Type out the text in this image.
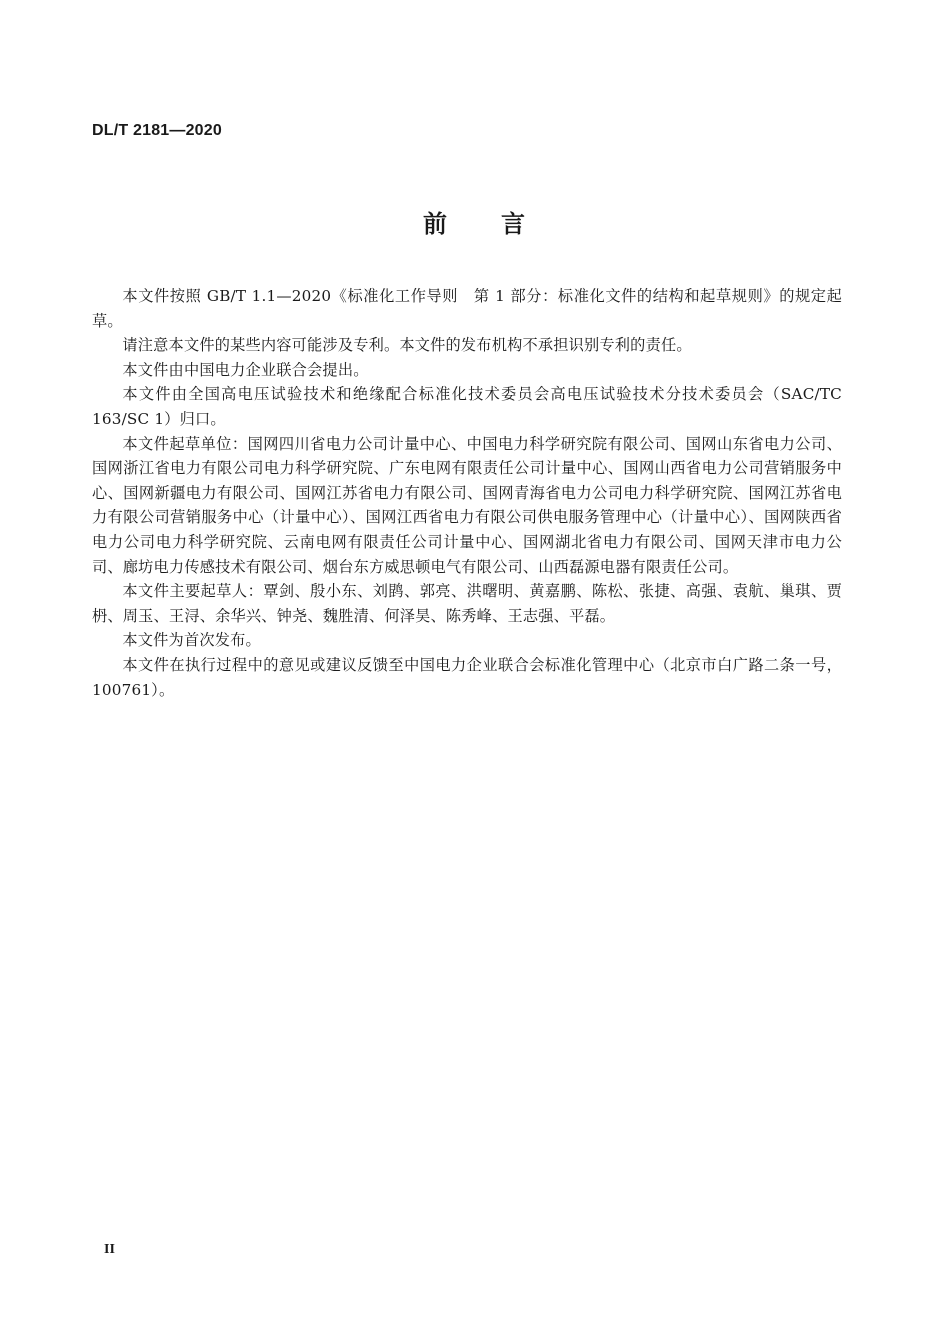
DL/T 2181—2020
前 言

本文件按照 GB/T 1.1—2020《标准化工作导则　第 1 部分：标准化文件的结构和起草规则》的规定起草。

请注意本文件的某些内容可能涉及专利。本文件的发布机构不承担识别专利的责任。

本文件由中国电力企业联合会提出。

本文件由全国高电压试验技术和绝缘配合标准化技术委员会高电压试验技术分技术委员会（SAC/TC 163/SC 1）归口。

本文件起草单位：国网四川省电力公司计量中心、中国电力科学研究院有限公司、国网山东省电力公司、国网浙江省电力有限公司电力科学研究院、广东电网有限责任公司计量中心、国网山西省电力公司营销服务中心、国网新疆电力有限公司、国网江苏省电力有限公司、国网青海省电力公司电力科学研究院、国网江苏省电力有限公司营销服务中心（计量中心）、国网江西省电力有限公司供电服务管理中心（计量中心）、国网陕西省电力公司电力科学研究院、云南电网有限责任公司计量中心、国网湖北省电力有限公司、国网天津市电力公司、廊坊电力传感技术有限公司、烟台东方威思顿电气有限公司、山西磊源电器有限责任公司。

本文件主要起草人：覃剑、殷小东、刘鹍、郭亮、洪曙明、黄嘉鹏、陈松、张捷、高强、袁航、巢琪、贾枬、周玉、王浔、余华兴、钟尧、魏胜清、何泽昊、陈秀峰、王志强、平磊。

本文件为首次发布。

本文件在执行过程中的意见或建议反馈至中国电力企业联合会标准化管理中心（北京市白广路二条一号，100761）。

II
